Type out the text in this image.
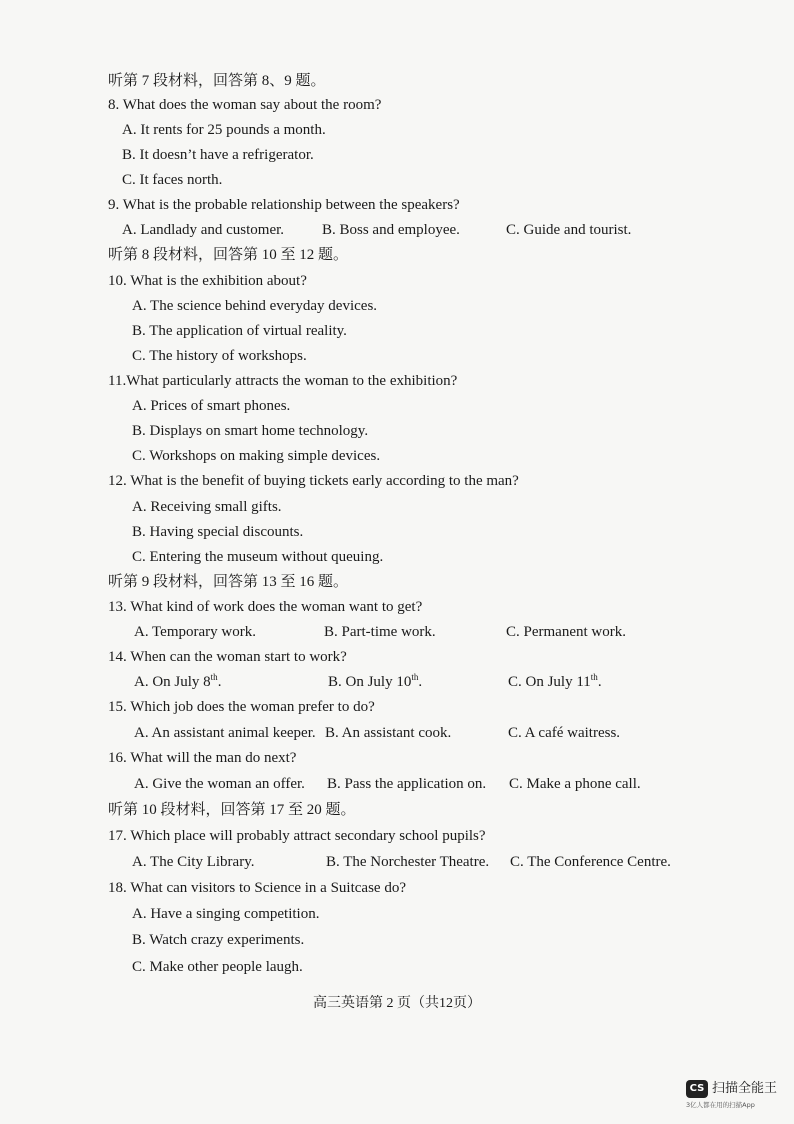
听第 7 段材料，回答第 8、9 题。
8. What does the woman say about the room?
A. It rents for 25 pounds a month.
B. It doesn’t have a refrigerator.
C. It faces north.
9. What is the probable relationship between the speakers?
A. Landlady and customer.	B. Boss and employee.	C. Guide and tourist.
听第 8 段材料，回答第 10 至 12 题。
10. What is the exhibition about?
A. The science behind everyday devices.
B. The application of virtual reality.
C. The history of workshops.
11.What particularly attracts the woman to the exhibition?
A. Prices of smart phones.
B. Displays on smart home technology.
C. Workshops on making simple devices.
12. What is the benefit of buying tickets early according to the man?
A. Receiving small gifts.
B. Having special discounts.
C. Entering the museum without queuing.
听第 9 段材料，回答第 13 至 16 题。
13. What kind of work does the woman want to get?
A. Temporary work.	B. Part-time work.	C. Permanent work.
14. When can the woman start to work?
A. On July 8th.	B. On July 10th.	C. On July 11th.
15. Which job does the woman prefer to do?
A. An assistant animal keeper. B. An assistant cook.	C. A café waitress.
16. What will the man do next?
A. Give the woman an offer. B. Pass the application on. C. Make a phone call.
听第 10 段材料，回答第 17 至 20 题。
17. Which place will probably attract secondary school pupils?
A. The City Library.	B. The Norchester Theatre. C. The Conference Centre.
18. What can visitors to Science in a Suitcase do?
A. Have a singing competition.
B. Watch crazy experiments.
C. Make other people laugh.
高三英语第 2 页（共12页）
CS 扫描全能王
3亿人都在用的扫描App
